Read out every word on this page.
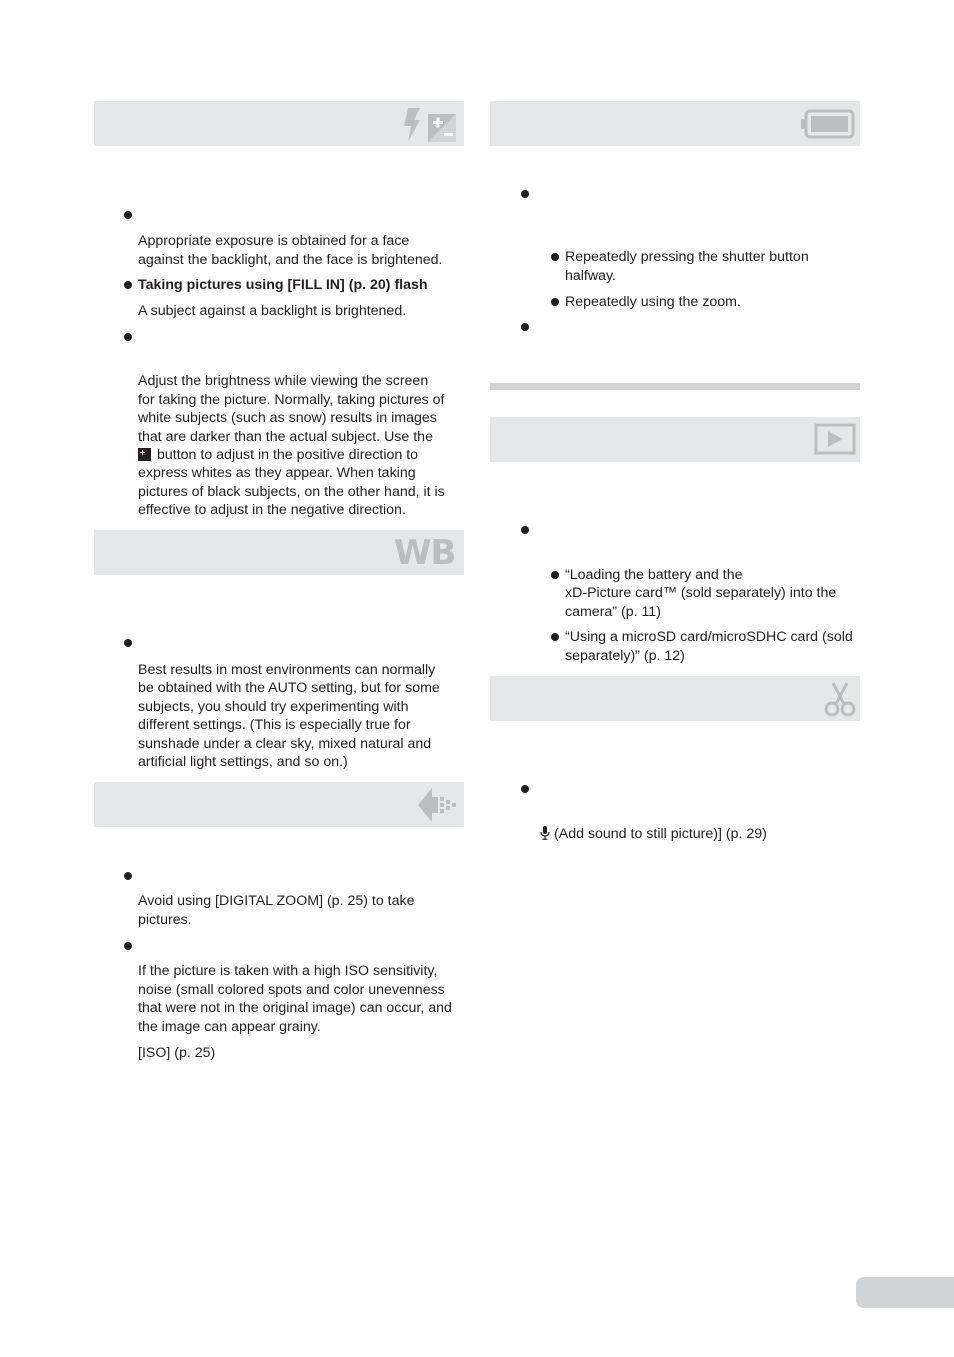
Appropriate exposure is obtained for a face
against the backlight, and the face is brightened.
Taking pictures using [FILL IN] (p. 20) flash
A subject against a backlight is brightened.
Adjust the brightness while viewing the screen
for taking the picture. Normally, taking pictures of
white subjects (such as snow) results in images
that are darker than the actual subject. Use the
button to adjust in the positive direction to
express whites as they appear. When taking
pictures of black subjects, on the other hand, it is
effective to adjust in the negative direction.
WB
Best results in most environments can normally
be obtained with the AUTO setting, but for some
subjects, you should try experimenting with
different settings. (This is especially true for
sunshade under a clear sky, mixed natural and
artificial light settings, and so on.)
Avoid using [DIGITAL ZOOM] (p. 25) to take
pictures.
If the picture is taken with a high ISO sensitivity,
noise (small colored spots and color unevenness
that were not in the original image) can occur, and
the image can appear grainy.
[ISO] (p. 25)
Repeatedly pressing the shutter button
halfway.
Repeatedly using the zoom.
“Loading the battery and the
xD-Picture card™ (sold separately) into the
camera” (p. 11)
“Using a microSD card/microSDHC card (sold
separately)” (p. 12)
(Add sound to still picture)] (p. 29)
